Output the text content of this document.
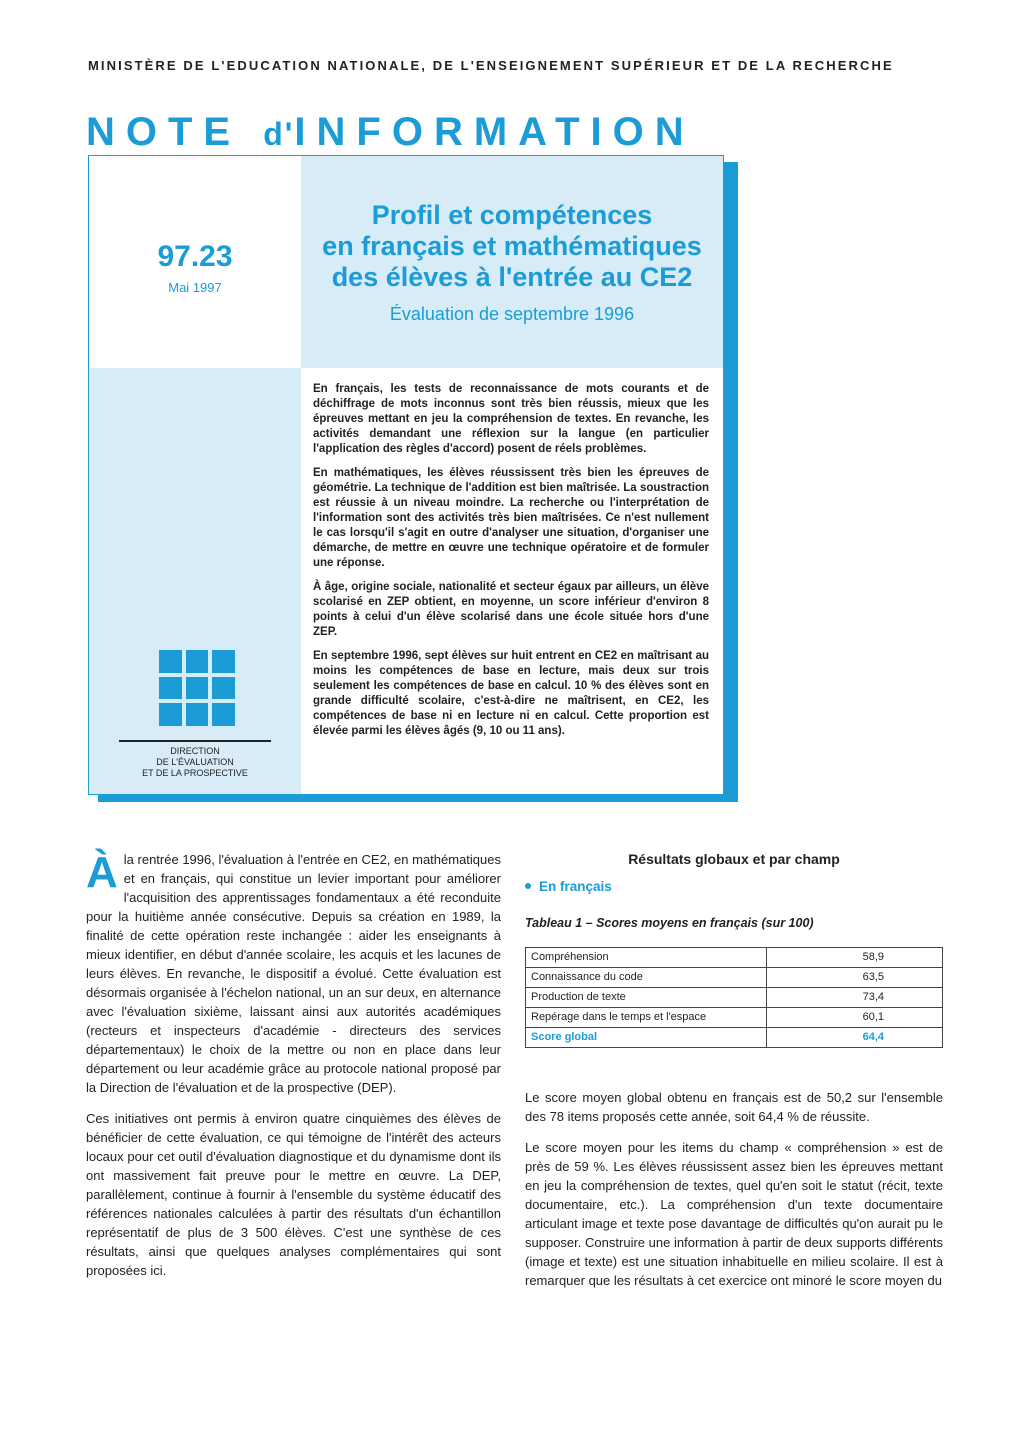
MINISTÈRE DE L'EDUCATION NATIONALE, DE L'ENSEIGNEMENT SUPÉRIEUR ET DE LA RECHERCHE
NOTE d'INFORMATION
97.23
Mai 1997
Profil et compétences
en français et mathématiques
des élèves à l'entrée au CE2
Évaluation de septembre 1996
DIRECTION
DE L'ÉVALUATION
ET DE LA PROSPECTIVE

En français, les tests de reconnaissance de mots courants et de déchiffrage de mots inconnus sont très bien réussis, mieux que les épreuves mettant en jeu la compréhension de textes. En revanche, les activités demandant une réflexion sur la langue (en particulier l'application des règles d'accord) posent de réels problèmes.

En mathématiques, les élèves réussissent très bien les épreuves de géométrie. La technique de l'addition est bien maîtrisée. La soustraction est réussie à un niveau moindre. La recherche ou l'interprétation de l'information sont des activités très bien maîtrisées. Ce n'est nullement le cas lorsqu'il s'agit en outre d'analyser une situation, d'organiser une démarche, de mettre en œuvre une technique opératoire et de formuler une réponse.

À âge, origine sociale, nationalité et secteur égaux par ailleurs, un élève scolarisé en ZEP obtient, en moyenne, un score inférieur d'environ 8 points à celui d'un élève scolarisé dans une école située hors d'une ZEP.

En septembre 1996, sept élèves sur huit entrent en CE2 en maîtrisant au moins les compétences de base en lecture, mais deux sur trois seulement les compétences de base en calcul. 10 % des élèves sont en grande difficulté scolaire, c'est-à-dire ne maîtrisent, en CE2, les compétences de base ni en lecture ni en calcul. Cette proportion est élevée parmi les élèves âgés (9, 10 ou 11 ans).

Àla rentrée 1996, l'évaluation à l'entrée en CE2, en mathématiques et en français, qui constitue un levier important pour améliorer l'acquisition des apprentissages fondamentaux a été reconduite pour la huitième année consécutive. Depuis sa création en 1989, la finalité de cette opération reste inchangée : aider les enseignants à mieux identifier, en début d'année scolaire, les acquis et les lacunes de leurs élèves. En revanche, le dispositif a évolué. Cette évaluation est désormais organisée à l'échelon national, un an sur deux, en alternance avec l'évaluation sixième, laissant ainsi aux autorités académiques (recteurs et inspecteurs d'académie - directeurs des services départementaux) le choix de la mettre ou non en place dans leur département ou leur académie grâce au protocole national proposé par la Direction de l'évaluation et de la prospective (DEP).

Ces initiatives ont permis à environ quatre cinquièmes des élèves de bénéficier de cette évaluation, ce qui témoigne de l'intérêt des acteurs locaux pour cet outil d'évaluation diagnostique et du dynamisme dont ils ont massivement fait preuve pour le mettre en œuvre. La DEP, parallèlement, continue à fournir à l'ensemble du système éducatif des références nationales calculées à partir des résultats d'un échantillon représentatif de plus de 3 500 élèves. C'est une synthèse de ces résultats, ainsi que quelques analyses complémentaires qui sont proposées ici.

Résultats globaux et par champ
En français
Tableau 1 – Scores moyens en français (sur 100)
Compréhension	58,9
Connaissance du code	63,5
Production de texte	73,4
Repérage dans le temps et l'espace	60,1
Score global	64,4

Le score moyen global obtenu en français est de 50,2 sur l'ensemble des 78 items proposés cette année, soit 64,4 % de réussite.

Le score moyen pour les items du champ « compréhension » est de près de 59 %. Les élèves réussissent assez bien les épreuves mettant en jeu la compréhension de textes, quel qu'en soit le statut (récit, texte documentaire, etc.). La compréhension d'un texte documentaire articulant image et texte pose davantage de difficultés qu'on aurait pu le supposer. Construire une information à partir de deux supports différents (image et texte) est une situation inhabituelle en milieu scolaire. Il est à remarquer que les résultats à cet exercice ont minoré le score moyen du
